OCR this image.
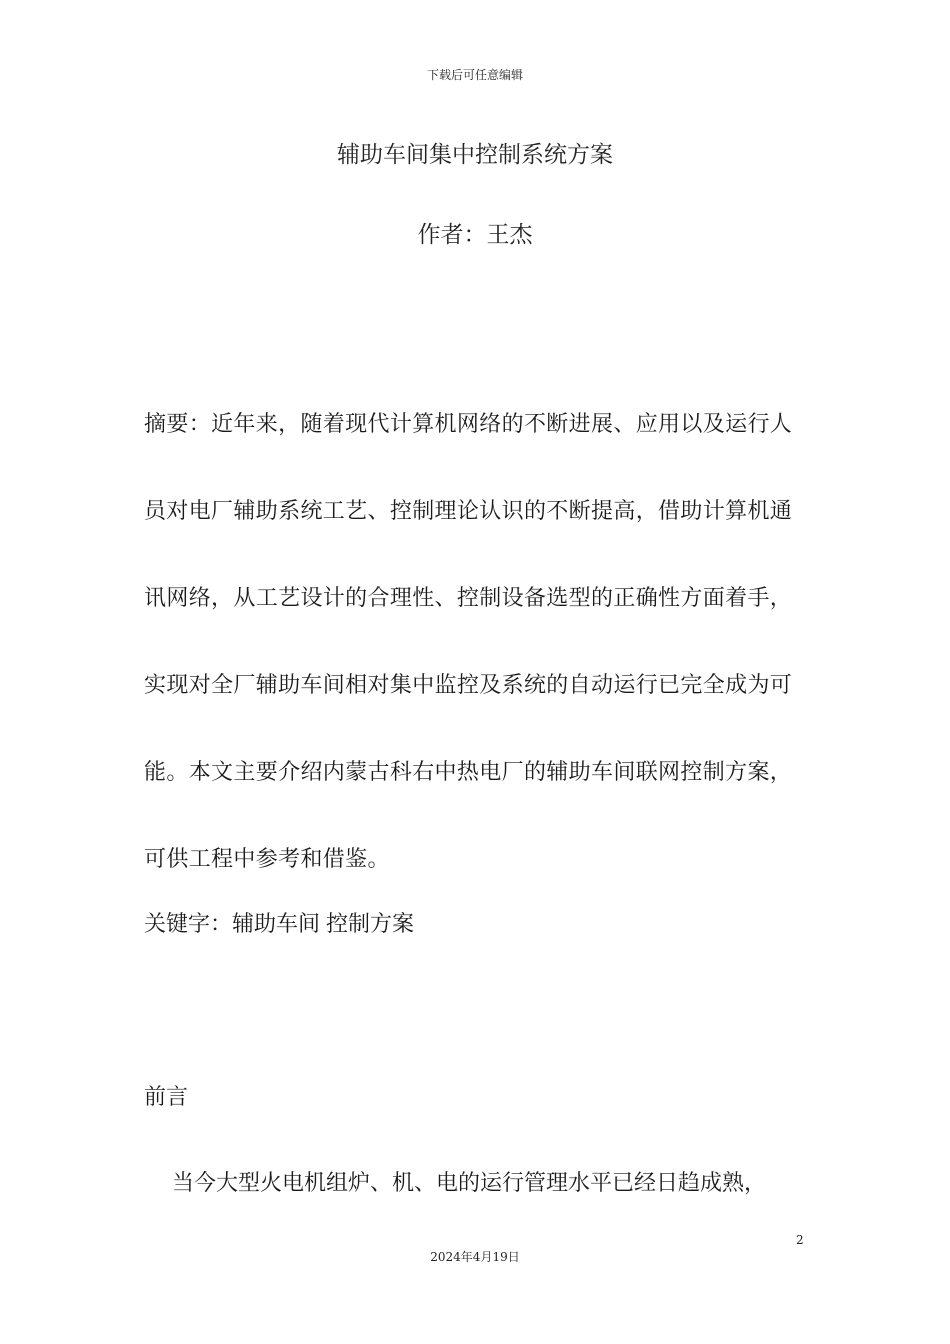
下载后可任意编辑
辅助车间集中控制系统方案
作者：王杰
摘要：近年来，随着现代计算机网络的不断进展、应用以及运行人员对电厂辅助系统工艺、控制理论认识的不断提高，借助计算机通讯网络，从工艺设计的合理性、控制设备选型的正确性方面着手，实现对全厂辅助车间相对集中监控及系统的自动运行已完全成为可能。本文主要介绍内蒙古科右中热电厂的辅助车间联网控制方案，可供工程中参考和借鉴。
关键字：辅助车间 控制方案
前言
当今大型火电机组炉、机、电的运行管理水平已经日趋成熟，
2
2024年4月19日
